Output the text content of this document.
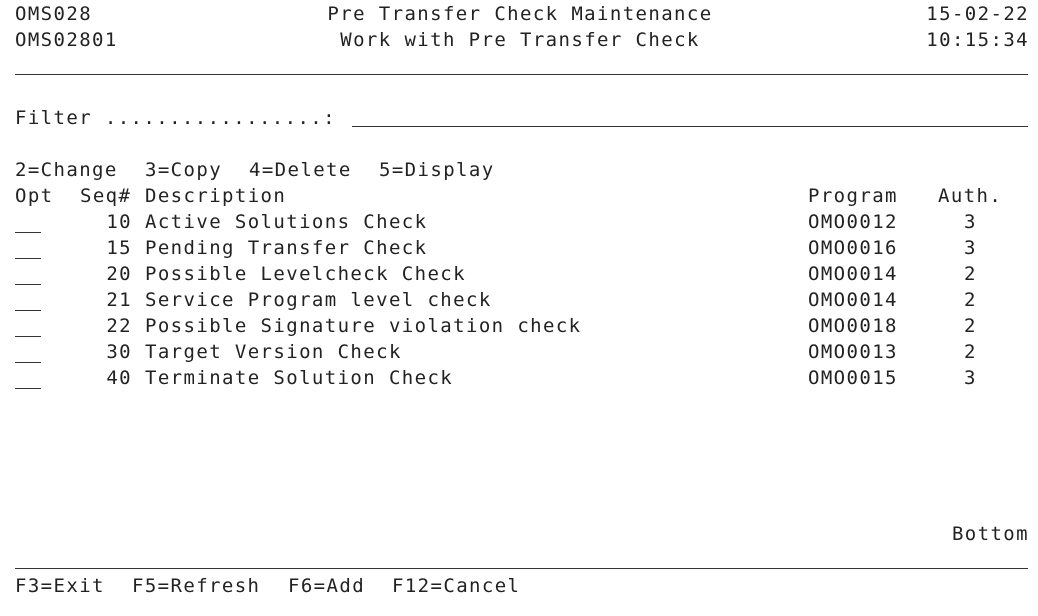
OMS028	Pre Transfer Check Maintenance	15-02-22
OMS02801	Work with Pre Transfer Check	10:15:34
Filter .................:
2=Change 3=Copy 4=Delete 5=Display
Opt Seq# Description	Program Auth.
10 Active Solutions Check	OMO0012	3
15 Pending Transfer Check	OMO0016	3
20 Possible Levelcheck Check	OMO0014	2
21 Service Program level check	OMO0014	2
22 Possible Signature violation check	OMO0018	2
30 Target Version Check	OMO0013	2
40 Terminate Solution Check	OMO0015	3
Bottom
F3=Exit F5=Refresh F6=Add F12=Cancel
